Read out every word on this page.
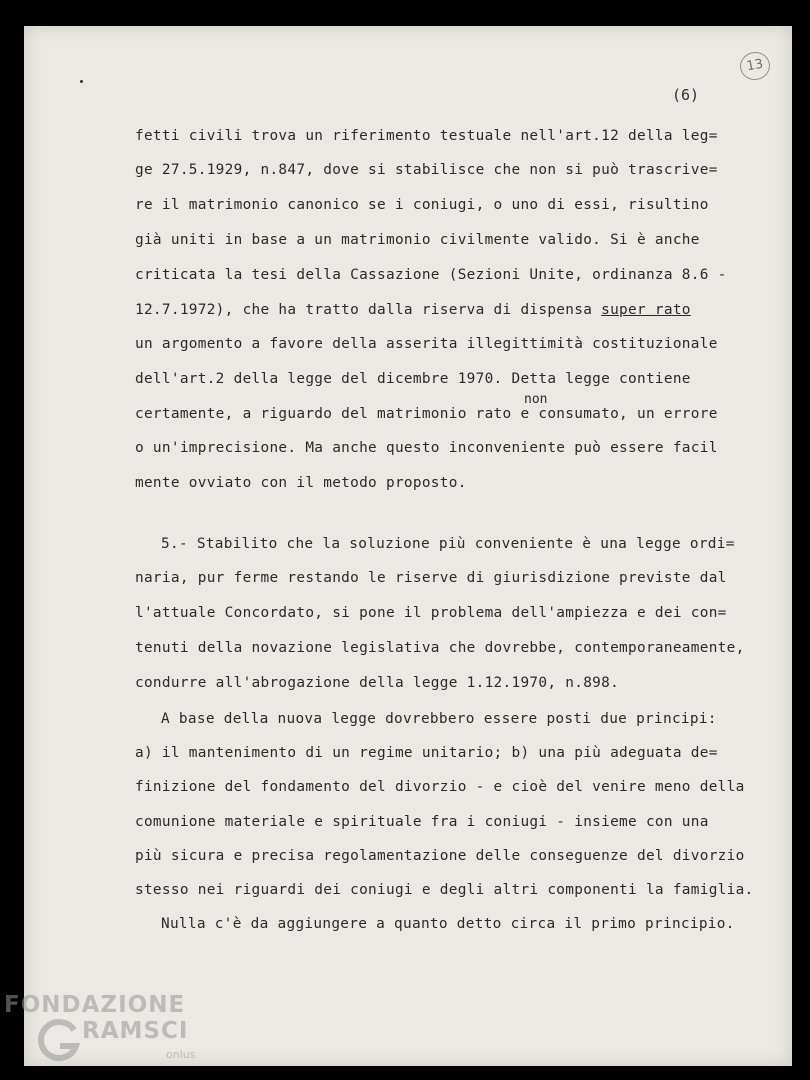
13
(6)

fetti civili trova un riferimento testuale nell'art.12 della leg=

ge 27.5.1929, n.847, dove si stabilisce che non si può trascrive=

re il matrimonio canonico se i coniugi, o uno di essi, risultino

già uniti in base a un matrimonio civilmente valido. Si è anche

criticata la tesi della Cassazione (Sezioni Unite, ordinanza 8.6 -

12.7.1972), che ha tratto dalla riserva di dispensa super rato

un argomento a favore della asserita illegittimità costituzionale

dell'art.2 della legge del dicembre 1970. Detta legge contiene

non

certamente, a riguardo del matrimonio rato e consumato, un errore

o un'imprecisione. Ma anche questo inconveniente può essere facil

mente ovviato con il metodo proposto.

5.- Stabilito che la soluzione più conveniente è una legge ordi=

naria, pur ferme restando le riserve di giurisdizione previste dal

l'attuale Concordato, si pone il problema dell'ampiezza e dei con=

tenuti della novazione legislativa che dovrebbe, contemporaneamente,

condurre all'abrogazione della legge 1.12.1970, n.898.

A base della nuova legge dovrebbero essere posti due principi:

a) il mantenimento di un regime unitario; b) una più adeguata de=

finizione del fondamento del divorzio - e cioè del venire meno della

comunione materiale e spirituale fra i coniugi - insieme con una

più sicura e precisa regolamentazione delle conseguenze del divorzio

stesso nei riguardi dei coniugi e degli altri componenti la famiglia.

Nulla c'è da aggiungere a quanto detto circa il primo principio.

FONDAZIONE
RAMSCI
onlus
